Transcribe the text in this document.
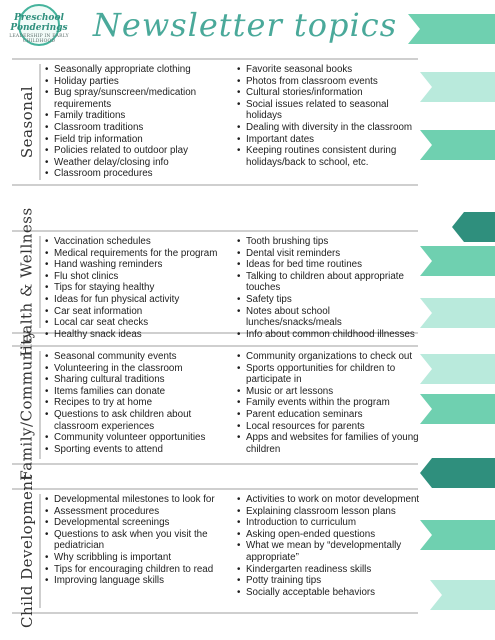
Preschool
Ponderings
LEADERSHIP IN EARLY CHILDHOOD	Newsletter topics
Seasonal
• Seasonally appropriate clothing
• Holiday parties
• Bug spray/sunscreen/medication requirements
• Family traditions
• Classroom traditions
• Field trip information
• Policies related to outdoor play
• Weather delay/closing info
• Classroom procedures
• Favorite seasonal books
• Photos from classroom events
• Cultural stories/information
• Social issues related to seasonal holidays
• Dealing with diversity in the classroom
• Important dates
• Keeping routines consistent during holidays/back to school, etc.
Health & Wellness	• Vaccination schedules
• Medical requirements for the program
• Hand washing reminders
• Flu shot clinics
• Tips for staying healthy
• Ideas for fun physical activity
• Car seat information
• Local car seat checks
• Healthy snack ideas
• Tooth brushing tips
• Dental visit reminders
• Ideas for bed time routines
• Talking to children about appropriate touches
• Safety tips
• Notes about school lunches/snacks/meals
• Info about common childhood illnesses
Family/Community	• Seasonal community events
• Volunteering in the classroom
• Sharing cultural traditions
• Items families can donate
• Recipes to try at home
• Questions to ask children about classroom experiences
• Community volunteer opportunities
• Sporting events to attend
• Community organizations to check out
• Sports opportunities for children to participate in
• Music or art lessons
• Family events within the program
• Parent education seminars
• Local resources for parents
• Apps and websites for families of young children
Child Development	• Developmental milestones to look for
• Assessment procedures
• Developmental screenings
• Questions to ask when you visit the pediatrician
• Why scribbling is important
• Tips for encouraging children to read
• Improving language skills
• Activities to work on motor development
• Explaining classroom lesson plans
• Introduction to curriculum
• Asking open-ended questions
• What we mean by “developmentally appropriate”
• Kindergarten readiness skills
• Potty training tips
• Socially acceptable behaviors
